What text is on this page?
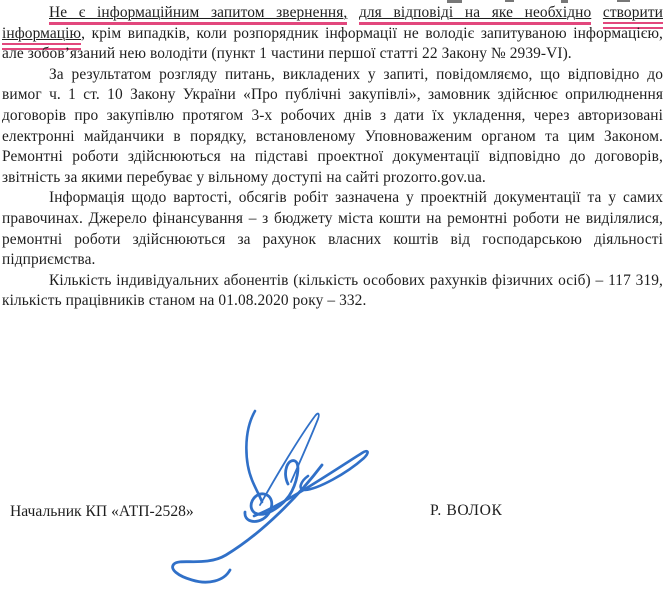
Не є інформаційним запитом звернення, для відповіді на яке необхідно створити інформацію, крім випадків, коли розпорядник інформації не володіє запитуваною інформацією, але зобов’язаний нею володіти (пункт 1 частини першої статті 22 Закону № 2939-VI).

За результатом розгляду питань, викладених у запиті, повідомляємо, що відповідно до вимог ч. 1 ст. 10 Закону України «Про публічні закупівлі», замовник здійснює оприлюднення договорів про закупівлю протягом 3-х робочих днів з дати їх укладення, через авторизовані електронні майданчики в порядку, встановленому Уповноваженим органом та цим Законом. Ремонтні роботи здійснюються на підставі проектної документації відповідно до договорів, звітність за якими перебуває у вільному доступі на сайті prozorro.gov.ua.

Інформація щодо вартості, обсягів робіт зазначена у проектній документації та у самих правочинах. Джерело фінансування – з бюджету міста кошти на ремонтні роботи не виділялися, ремонтні роботи здійснюються за рахунок власних коштів від господарською діяльності підприємства.

Кількість індивідуальних абонентів (кількість особових рахунків фізичних осіб) – 117 319, кількість працівників станом на 01.08.2020 року – 332.

Начальник КП «АТП-2528»	Р. ВОЛОК
